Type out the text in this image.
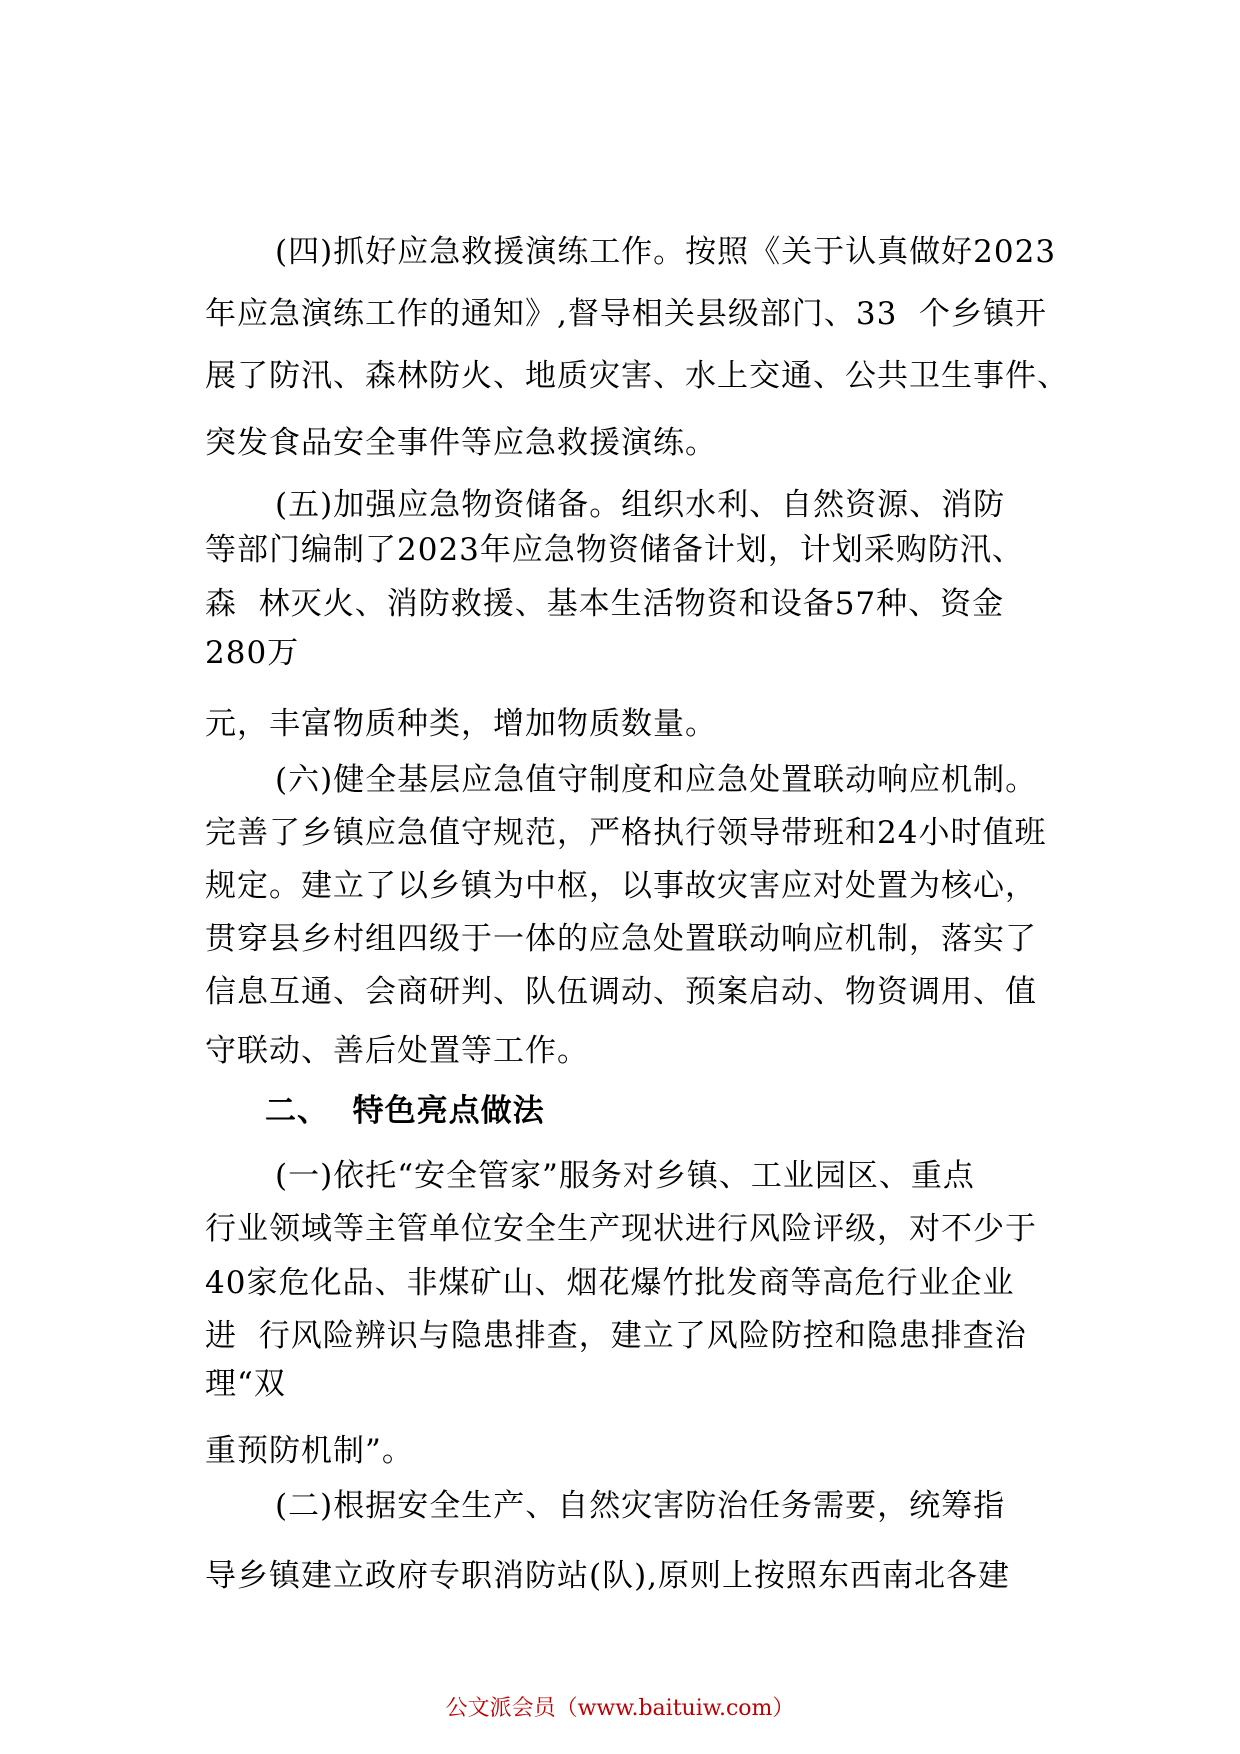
(四)抓好应急救援演练工作。按照《关于认真做好2023
年应急演练工作的通知》,督导相关县级部门、33  个乡镇开
展了防汛、森林防火、地质灾害、水上交通、公共卫生事件、
突发食品安全事件等应急救援演练。
(五)加强应急物资储备。组织水利、自然资源、消防
等部门编制了2023年应急物资储备计划，计划采购防汛、
森  林灭火、消防救援、基本生活物资和设备57种、资金
280万
元，丰富物质种类，增加物质数量。
(六)健全基层应急值守制度和应急处置联动响应机制。
完善了乡镇应急值守规范，严格执行领导带班和24小时值班
规定。建立了以乡镇为中枢，以事故灾害应对处置为核心，
贯穿县乡村组四级于一体的应急处置联动响应机制，落实了
信息互通、会商研判、队伍调动、预案启动、物资调用、值
守联动、善后处置等工作。
二、  特色亮点做法
(一)依托“安全管家”服务对乡镇、工业园区、重点
行业领域等主管单位安全生产现状进行风险评级，对不少于
40家危化品、非煤矿山、烟花爆竹批发商等高危行业企业
进  行风险辨识与隐患排查，建立了风险防控和隐患排查治
理“双
重预防机制”。
(二)根据安全生产、自然灾害防治任务需要，统筹指
导乡镇建立政府专职消防站(队),原则上按照东西南北各建
公文派会员（www.baituiw.com）
